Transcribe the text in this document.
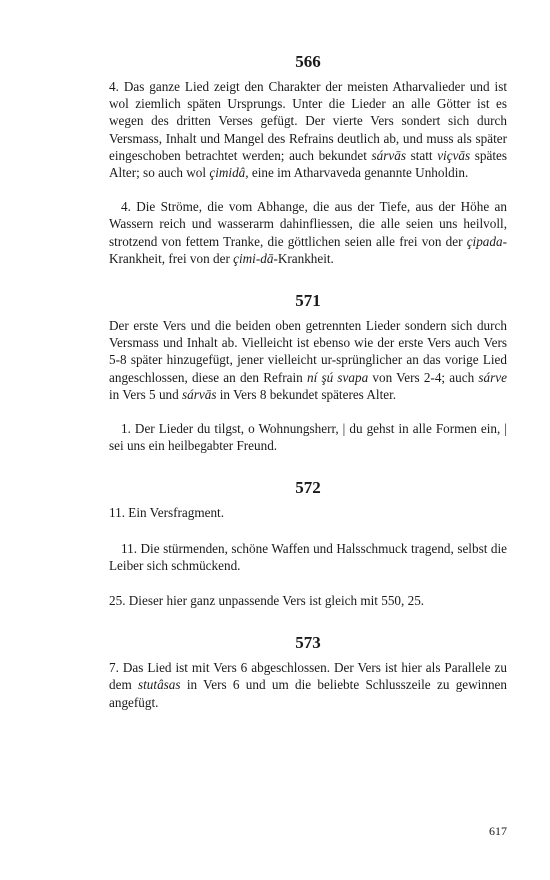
566

4. Das ganze Lied zeigt den Charakter der meisten Atharvalieder und ist wol ziemlich späten Ursprungs. Unter die Lieder an alle Götter ist es wegen des dritten Verses gefügt. Der vierte Vers sondert sich durch Versmass, Inhalt und Mangel des Refrains deutlich ab, und muss als später eingeschoben betrachtet werden; auch bekundet sárvās statt viçvās spätes Alter; so auch wol çimidâ, eine im Atharvaveda genannte Unholdin.

4. Die Ströme, die vom Abhange, die aus der Tiefe, aus der Höhe an Wassern reich und wasserarm dahinfliessen, die alle seien uns heilvoll, strotzend von fettem Tranke, die göttlichen seien alle frei von der çipada-Krankheit, frei von der çimi-dā-Krankheit.

571

Der erste Vers und die beiden oben getrennten Lieder sondern sich durch Versmass und Inhalt ab. Vielleicht ist ebenso wie der erste Vers auch Vers 5-8 später hinzugefügt, jener vielleicht ur-sprünglicher an das vorige Lied angeschlossen, diese an den Refrain ní şú svapa von Vers 2-4; auch sárve in Vers 5 und sárvās in Vers 8 bekundet späteres Alter.

1. Der Lieder du tilgst, o Wohnungsherr, | du gehst in alle Formen ein, | sei uns ein heilbegabter Freund.

572

11. Ein Versfragment.

11. Die stürmenden, schöne Waffen und Halsschmuck tragend, selbst die Leiber sich schmückend.

25. Dieser hier ganz unpassende Vers ist gleich mit 550, 25.

573

7. Das Lied ist mit Vers 6 abgeschlossen. Der Vers ist hier als Parallele zu dem stutâsas in Vers 6 und um die beliebte Schlusszeile zu gewinnen angefügt.

617
